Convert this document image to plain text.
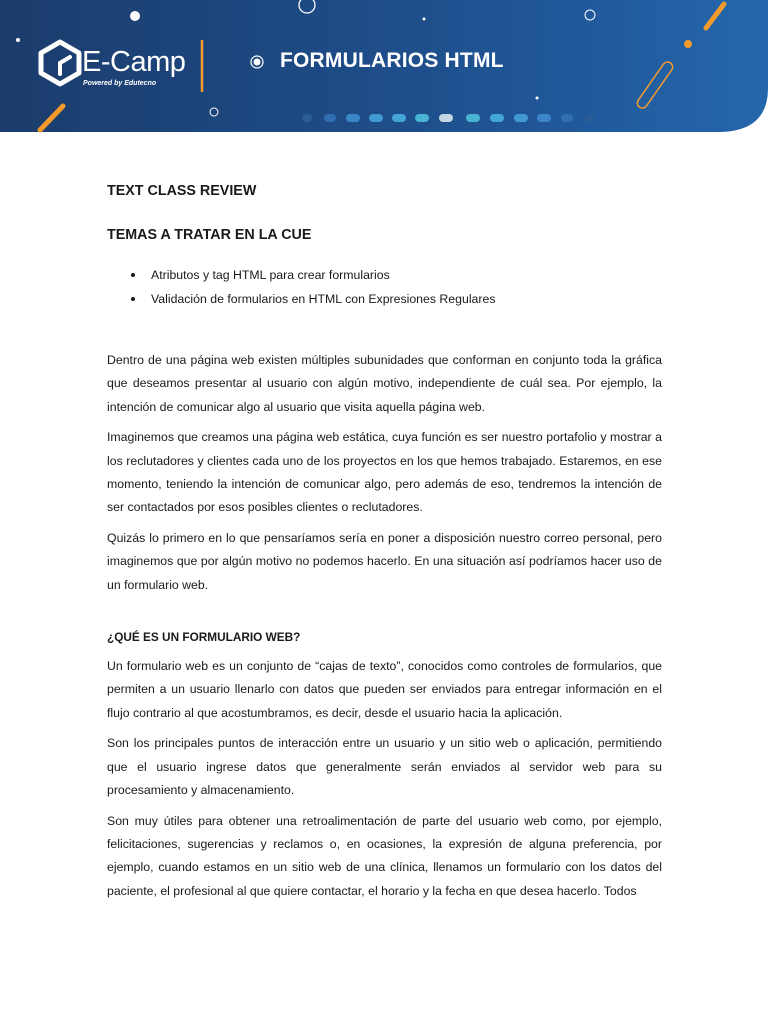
E-Camp
Powered by Edutecno
FORMULARIOS HTML
TEXT CLASS REVIEW
TEMAS A TRATAR EN LA CUE
Atributos y tag HTML para crear formularios
Validación de formularios en HTML con Expresiones Regulares

Dentro de una página web existen múltiples subunidades que conforman en conjunto toda la gráfica que deseamos presentar al usuario con algún motivo, independiente de cuál sea. Por ejemplo, la intención de comunicar algo al usuario que visita aquella página web.

Imaginemos que creamos una página web estática, cuya función es ser nuestro portafolio y mostrar a los reclutadores y clientes cada uno de los proyectos en los que hemos trabajado. Estaremos, en ese momento, teniendo la intención de comunicar algo, pero además de eso, tendremos la intención de ser contactados por esos posibles clientes o reclutadores.

Quizás lo primero en lo que pensaríamos sería en poner a disposición nuestro correo personal, pero imaginemos que por algún motivo no podemos hacerlo. En una situación así podríamos hacer uso de un formulario web.

¿QUÉ ES UN FORMULARIO WEB?

Un formulario web es un conjunto de “cajas de texto”, conocidos como controles de formularios, que permiten a un usuario llenarlo con datos que pueden ser enviados para entregar información en el flujo contrario al que acostumbramos, es decir, desde el usuario hacia la aplicación.

Son los principales puntos de interacción entre un usuario y un sitio web o aplicación, permitiendo que el usuario ingrese datos que generalmente serán enviados al servidor web para su procesamiento y almacenamiento.

Son muy útiles para obtener una retroalimentación de parte del usuario web como, por ejemplo, felicitaciones, sugerencias y reclamos o, en ocasiones, la expresión de alguna preferencia, por ejemplo, cuando estamos en un sitio web de una clínica, llenamos un formulario con los datos del paciente, el profesional al que quiere contactar, el horario y la fecha en que desea hacerlo. Todos
